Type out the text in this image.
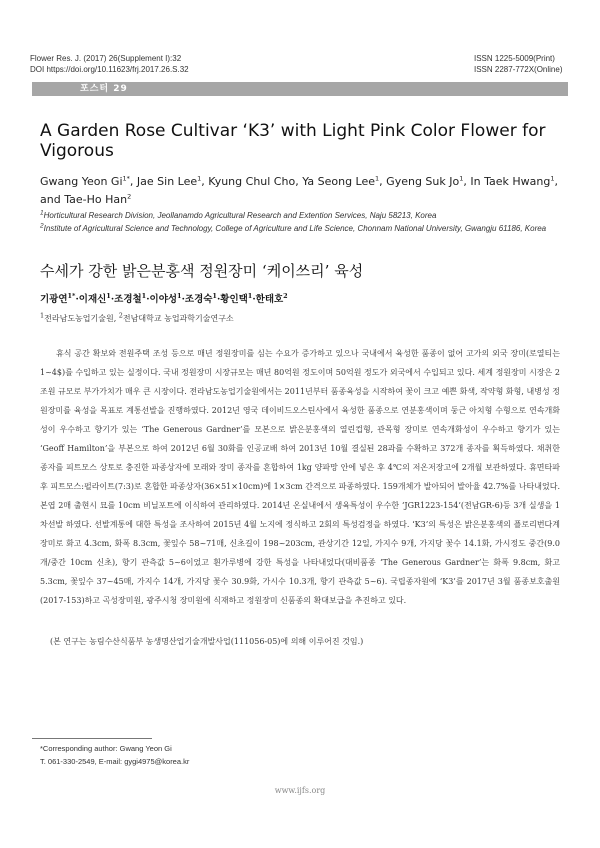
Flower Res. J. (2017) 26(Supplement I):32
DOI https://doi.org/10.11623/frj.2017.26.S.32
ISSN 1225-5009(Print)
ISSN 2287-772X(Online)
포스터 29
A Garden Rose Cultivar ‘K3’ with Light Pink Color Flower for Vigorous
Gwang Yeon $Gi^{1*}$, Jae Sin Lee$^1$, Kyung Chul Cho, Ya Seong Lee$^1$, Gyeng Suk Jo$^1$, In Taek Hwang$^1$, and Tae-Ho Han$^2$
$^1$Horticultural Research Division, Jeollanamdo Agricultural Research and Extention Services, Naju 58213, Korea
$^2$Institute of Agricultural Science and Technology, College of Agriculture and Life Science, Chonnam National University, Gwangju 61186, Korea
수세가 강한 밝은분홍색 정원장미 ‘케이쓰리’ 육성
기광연$^{1*}$·이재신$^1$·조경철$^1$·이야성$^1$·조경숙$^1$·황인택$^1$·한태호$^2$
$^1$전라남도농업기술원, $^2$전남대학교 농업과학기술연구소
휴식 공간 확보와 전원주택 조성 등으로 매년 정원장미를 심는 수요가 증가하고 있으나 국내에서 육성한 품종이 없어 고가의 외국 장미(로열티는 1~4$)를 수입하고 있는 실정이다. 국내 정원장미 시장규모는 매년 80억원 정도이며 50억원 정도가 외국에서 수입되고 있다. 세계 정원장미 시장은 2조원 규모로 부가가치가 매우 큰 시장이다. 전라남도농업기술원에서는 2011년부터 품종육성을 시작하여 꽃이 크고 예쁜 화색, 작약형 화형, 내병성 정원장미를 육성을 목표로 계통선발을 진행하였다. 2012년 영국 데이비드오스틴사에서 육성한 품종으로 연분홍색이며 둥근 아치형 수형으로 연속개화성이 우수하고 향기가 있는 ‘The Generous Gardner’를 모본으로 밝은분홍색의 열린컵형, 관목형 장미로 연속개화성이 우수하고 향기가 있는 ‘Geoff Hamilton’을 부본으로 하여 2012년 6월 30화를 인공교배 하여 2013년 10월 결실된 28과를 수확하고 372개 종자를 획득하였다. 채취한 종자를 피트모스 상토로 충진한 파종상자에 모래와 장미 종자를 혼합하여 1kg 양파망 안에 넣은 후 4℃의 저온저장고에 2개월 보관하였다. 휴면타파 후 피트모스:펄라이트(7:3)로 혼합한 파종상자(36×51×10cm)에 1×3cm 간격으로 파종하였다. 159개체가 발아되어 발아율 42.7%를 나타내었다. 본엽 2매 출현시 묘를 10cm 비닐포트에 이식하여 관리하였다. 2014년 온실내에서 생육특성이 우수한 ‘JGR1223-154’(전남GR-6)등 3개 실생을 1차선발 하였다. 선발계통에 대한 특성을 조사하여 2015년 4월 노지에 정식하고 2회의 특성검정을 하였다. ‘K3’의 특성은 밝은분홍색의 플로리번다계 장미로 화고 4.3cm, 화폭 8.3cm, 꽃잎수 58~71매, 신초길이 198~203cm, 관상기간 12일, 가지수 9개, 가지당 꽃수 14.1화, 가시정도 중간(9.0개/중간 10cm 신초), 향기 관측값 5~6이었고 흰가루병에 강한 특성을 나타내었다(대비품종 ‘The Generous Gardner’는 화폭 9.8cm, 화고 5.3cm, 꽃잎수 37~45매, 가지수 14개, 가지당 꽃수 30.9화, 가시수 10.3개, 향기 관측값 5~6). 국립종자원에 ‘K3’를 2017년 3월 품종보호출원(2017-153)하고 곡성장미원, 광주시청 장미원에 식재하고 정원장미 신품종의 확대보급을 추진하고 있다.
(본 연구는 농림수산식품부 농생명산업기술개발사업(111056-05)에 의해 이루어진 것임.)
*Corresponding author: Gwang Yeon Gi
T. 061-330-2549, E-mail: gygi4975@korea.kr
www.ijfs.org
